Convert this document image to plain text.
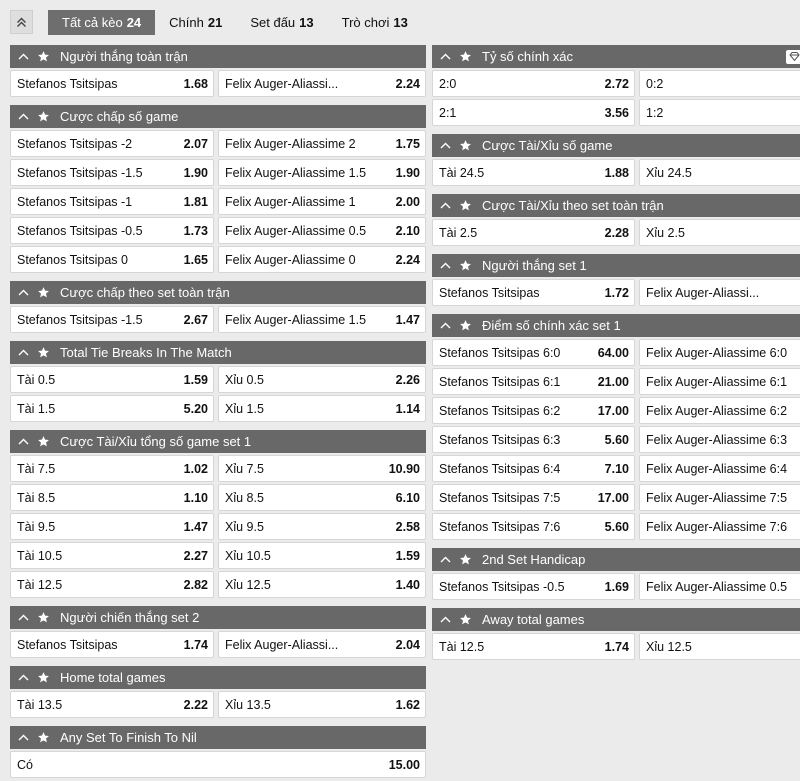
Tất cả kèo 24 Chính 21 Set đấu 13 Trò chơi 13
Người thắng toàn trận
Stefanos Tsitsipas	1.68 Felix Auger-Aliassi...	2.24
Cược chấp số game
Stefanos Tsitsipas -2	2.07 Felix Auger-Aliassime 2	1.75
Stefanos Tsitsipas -1.5	1.90 Felix Auger-Aliassime 1.5 1.90
Stefanos Tsitsipas -1	1.81 Felix Auger-Aliassime 1	2.00
Stefanos Tsitsipas -0.5	1.73 Felix Auger-Aliassime 0.5 2.10
Stefanos Tsitsipas 0	1.65 Felix Auger-Aliassime 0	2.24
Cược chấp theo set toàn trận
Stefanos Tsitsipas -1.5	2.67 Felix Auger-Aliassime 1.5 1.47
Total Tie Breaks In The Match
Tài 0.5	1.59 Xỉu 0.5	2.26
Tài 1.5	5.20 Xỉu 1.5	1.14
Cược Tài/Xỉu tổng số game set 1
Tài 7.5	1.02 Xỉu 7.5	10.90
Tài 8.5	1.10 Xỉu 8.5	6.10
Tài 9.5	1.47 Xỉu 9.5	2.58
Tài 10.5	2.27 Xỉu 10.5	1.59
Tài 12.5	2.82 Xỉu 12.5	1.40
Người chiến thắng set 2
Stefanos Tsitsipas	1.74 Felix Auger-Aliassi...	2.04
Home total games
Tài 13.5	2.22 Xỉu 13.5	1.62
Any Set To Finish To Nil
Có	15.00
Tỷ số chính xác
2:0	2.72 0:2
2:1	3.56 1:2
Cược Tài/Xỉu số game
Tài 24.5	1.88 Xỉu 24.5
Cược Tài/Xỉu theo set toàn trận
Tài 2.5	2.28 Xỉu 2.5
Người thắng set 1
Stefanos Tsitsipas	1.72 Felix Auger-Aliassi...
Điểm số chính xác set 1
Stefanos Tsitsipas 6:0	64.00 Felix Auger-Aliassime 6:0
Stefanos Tsitsipas 6:1	21.00 Felix Auger-Aliassime 6:1
Stefanos Tsitsipas 6:2	17.00 Felix Auger-Aliassime 6:2
Stefanos Tsitsipas 6:3	5.60 Felix Auger-Aliassime 6:3
Stefanos Tsitsipas 6:4	7.10 Felix Auger-Aliassime 6:4
Stefanos Tsitsipas 7:5	17.00 Felix Auger-Aliassime 7:5
Stefanos Tsitsipas 7:6	5.60 Felix Auger-Aliassime 7:6
2nd Set Handicap
Stefanos Tsitsipas -0.5	1.69 Felix Auger-Aliassime 0.5
Away total games
Tài 12.5	1.74 Xỉu 12.5
